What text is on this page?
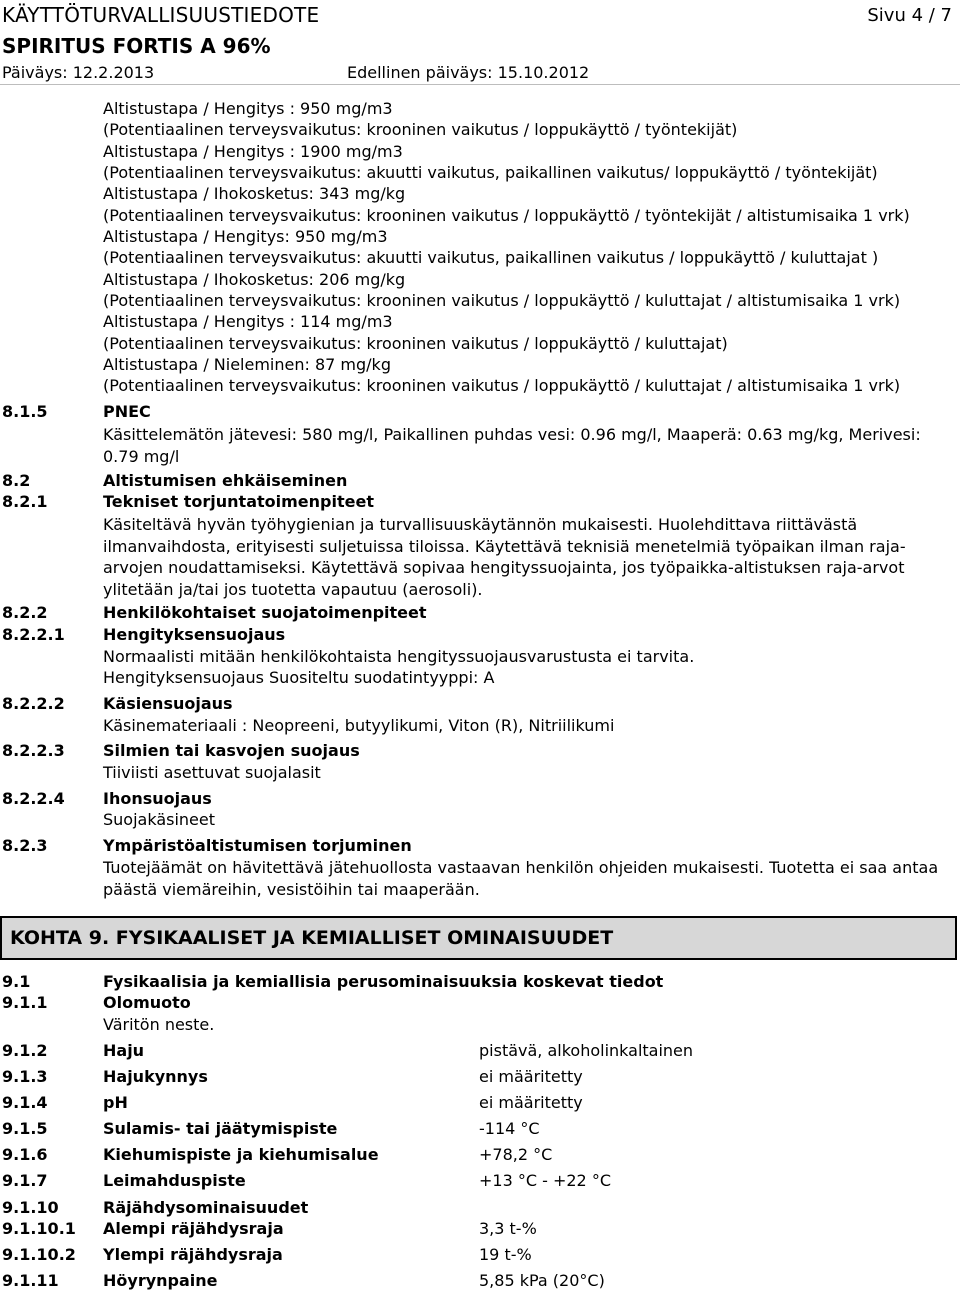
KÄYTTÖTURVALLISUUSTIEDOTE	Sivu 4 / 7
SPIRITUS FORTIS A 96%
Päiväys: 12.2.2013	Edellinen päiväys: 15.10.2012
Altistustapa / Hengitys : 950 mg/m3
(Potentiaalinen terveysvaikutus: krooninen vaikutus / loppukäyttö / työntekijät)
Altistustapa / Hengitys : 1900 mg/m3
(Potentiaalinen terveysvaikutus: akuutti vaikutus, paikallinen vaikutus/ loppukäyttö / työntekijät)
Altistustapa / Ihokosketus: 343 mg/kg
(Potentiaalinen terveysvaikutus: krooninen vaikutus / loppukäyttö / työntekijät / altistumisaika 1 vrk)
Altistustapa / Hengitys: 950 mg/m3
(Potentiaalinen terveysvaikutus: akuutti vaikutus, paikallinen vaikutus / loppukäyttö / kuluttajat )
Altistustapa / Ihokosketus: 206 mg/kg
(Potentiaalinen terveysvaikutus: krooninen vaikutus / loppukäyttö / kuluttajat / altistumisaika 1 vrk)
Altistustapa / Hengitys : 114 mg/m3
(Potentiaalinen terveysvaikutus: krooninen vaikutus / loppukäyttö / kuluttajat)
Altistustapa / Nieleminen: 87 mg/kg
(Potentiaalinen terveysvaikutus: krooninen vaikutus / loppukäyttö / kuluttajat / altistumisaika 1 vrk)
8.1.5	PNEC
Käsittelemätön jätevesi: 580 mg/l, Paikallinen puhdas vesi: 0.96 mg/l, Maaperä: 0.63 mg/kg, Merivesi: 0.79 mg/l
8.2	Altistumisen ehkäiseminen
8.2.1	Tekniset torjuntatoimenpiteet
Käsiteltävä hyvän työhygienian ja turvallisuuskäytännön mukaisesti. Huolehdittava riittävästä ilmanvaihdosta, erityisesti suljetuissa tiloissa. Käytettävä teknisiä menetelmiä työpaikan ilman raja-arvojen noudattamiseksi. Käytettävä sopivaa hengityssuojainta, jos työpaikka-altistuksen raja-arvot ylitetään ja/tai jos tuotetta vapautuu (aerosoli).
8.2.2	Henkilökohtaiset suojatoimenpiteet
8.2.2.1 Hengityksensuojaus
Normaalisti mitään henkilökohtaista hengityssuojausvarustusta ei tarvita.
Hengityksensuojaus Suositeltu suodatintyyppi: A
8.2.2.2 Käsiensuojaus
Käsinemateriaali : Neopreeni, butyylikumi, Viton (R), Nitriilikumi
8.2.2.3 Silmien tai kasvojen suojaus
Tiiviisti asettuvat suojalasit
8.2.2.4 Ihonsuojaus
Suojakäsineet
8.2.3	Ympäristöaltistumisen torjuminen
Tuotejäämät on hävitettävä jätehuollosta vastaavan henkilön ohjeiden mukaisesti. Tuotetta ei saa antaa päästä viemäreihin, vesistöihin tai maaperään.
KOHTA 9. FYSIKAALISET JA KEMIALLISET OMINAISUUDET
9.1	Fysikaalisia ja kemiallisia perusominaisuuksia koskevat tiedot
9.1.1	Olomuoto
Väritön neste.
9.1.2	Haju	pistävä, alkoholinkaltainen
9.1.3	Hajukynnys	ei määritetty
9.1.4	pH	ei määritetty
9.1.5	Sulamis- tai jäätymispiste	-114 °C
9.1.6	Kiehumispiste ja kiehumisalue	+78,2 °C
9.1.7	Leimahduspiste	+13 °C - +22 °C
9.1.10	Räjähdysominaisuudet
9.1.10.1 Alempi räjähdysraja	3,3 t-%
9.1.10.2 Ylempi räjähdysraja	19 t-%
9.1.11	Höyrynpaine	5,85 kPa (20°C)
